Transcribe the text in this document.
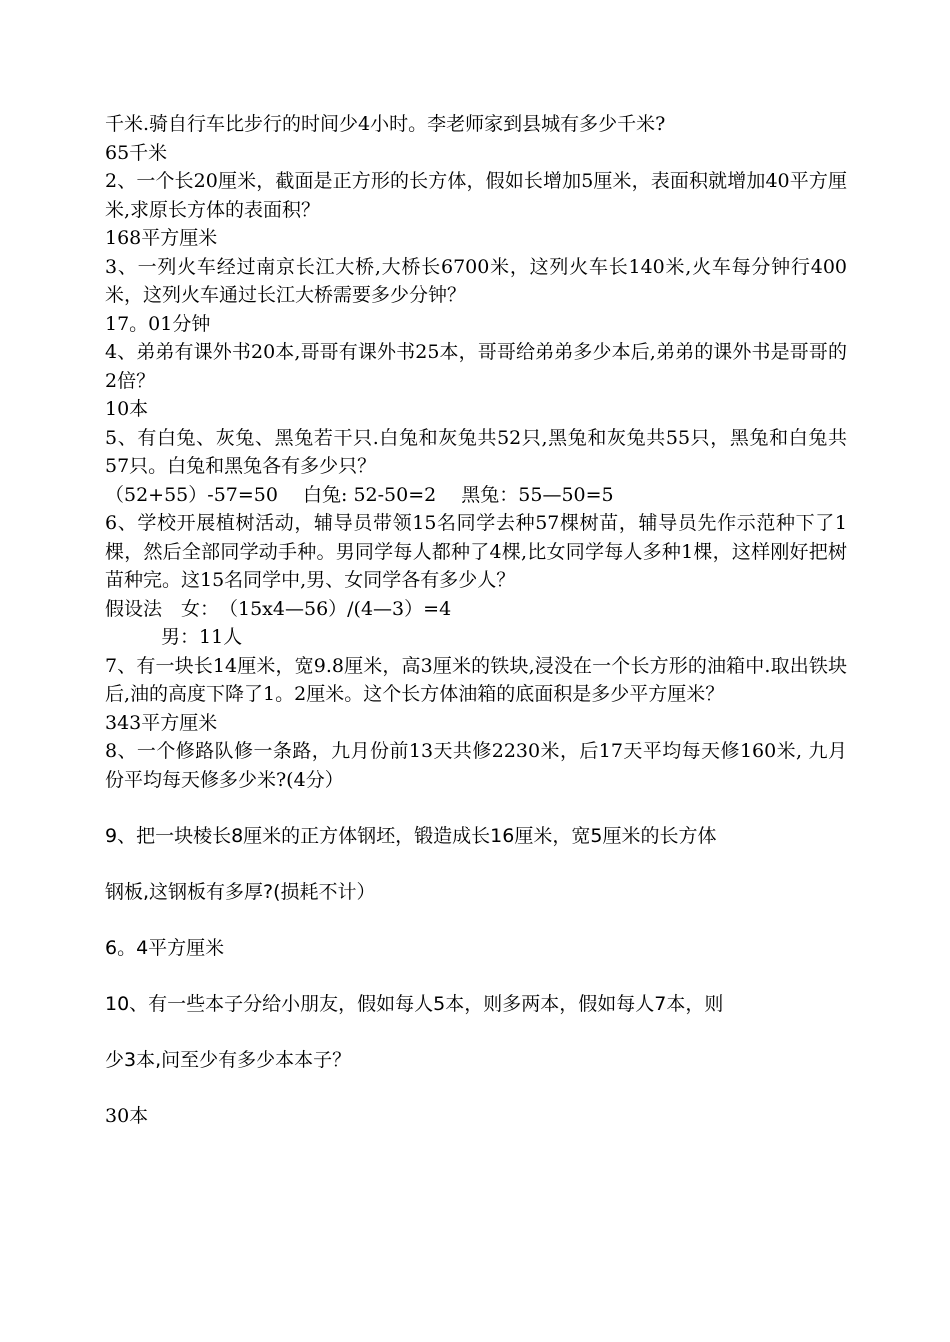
千米.骑自行车比步行的时间少4小时。李老师家到县城有多少千米?

65千米

2、一个长20厘米，截面是正方形的长方体，假如长增加5厘米，表面积就增加40平方厘米,求原长方体的表面积？

168平方厘米

3、一列火车经过南京长江大桥,大桥长6700米，这列火车长140米,火车每分钟行400米，这列火车通过长江大桥需要多少分钟？

17。01分钟

4、弟弟有课外书20本,哥哥有课外书25本，哥哥给弟弟多少本后,弟弟的课外书是哥哥的2倍？

10本

5、有白兔、灰兔、黑兔若干只.白兔和灰兔共52只,黑兔和灰兔共55只，黑兔和白兔共57只。白兔和黑兔各有多少只？

（52+55）-57=50　 白兔: 52-50=2　 黑兔：55—50=5

6、学校开展植树活动，辅导员带领15名同学去种57棵树苗，辅导员先作示范种下了1棵，然后全部同学动手种。男同学每人都种了4棵,比女同学每人多种1棵，这样刚好把树苗种完。这15名同学中,男、女同学各有多少人？

假设法　女：　（15x4—56）/(4—3）=4

男：11人

7、有一块长14厘米，宽9.8厘米，高3厘米的铁块,浸没在一个长方形的油箱中.取出铁块后,油的高度下降了1。2厘米。这个长方体油箱的底面积是多少平方厘米？

343平方厘米

8、一个修路队修一条路，九月份前13天共修2230米，后17天平均每天修160米, 九月份平均每天修多少米?(4分）

9、把一块棱长8厘米的正方体钢坯，锻造成长16厘米，宽5厘米的长方体

钢板,这钢板有多厚?(损耗不计）

6。4平方厘米

10、有一些本子分给小朋友，假如每人5本，则多两本，假如每人7本，则

少3本,问至少有多少本本子？

30本
